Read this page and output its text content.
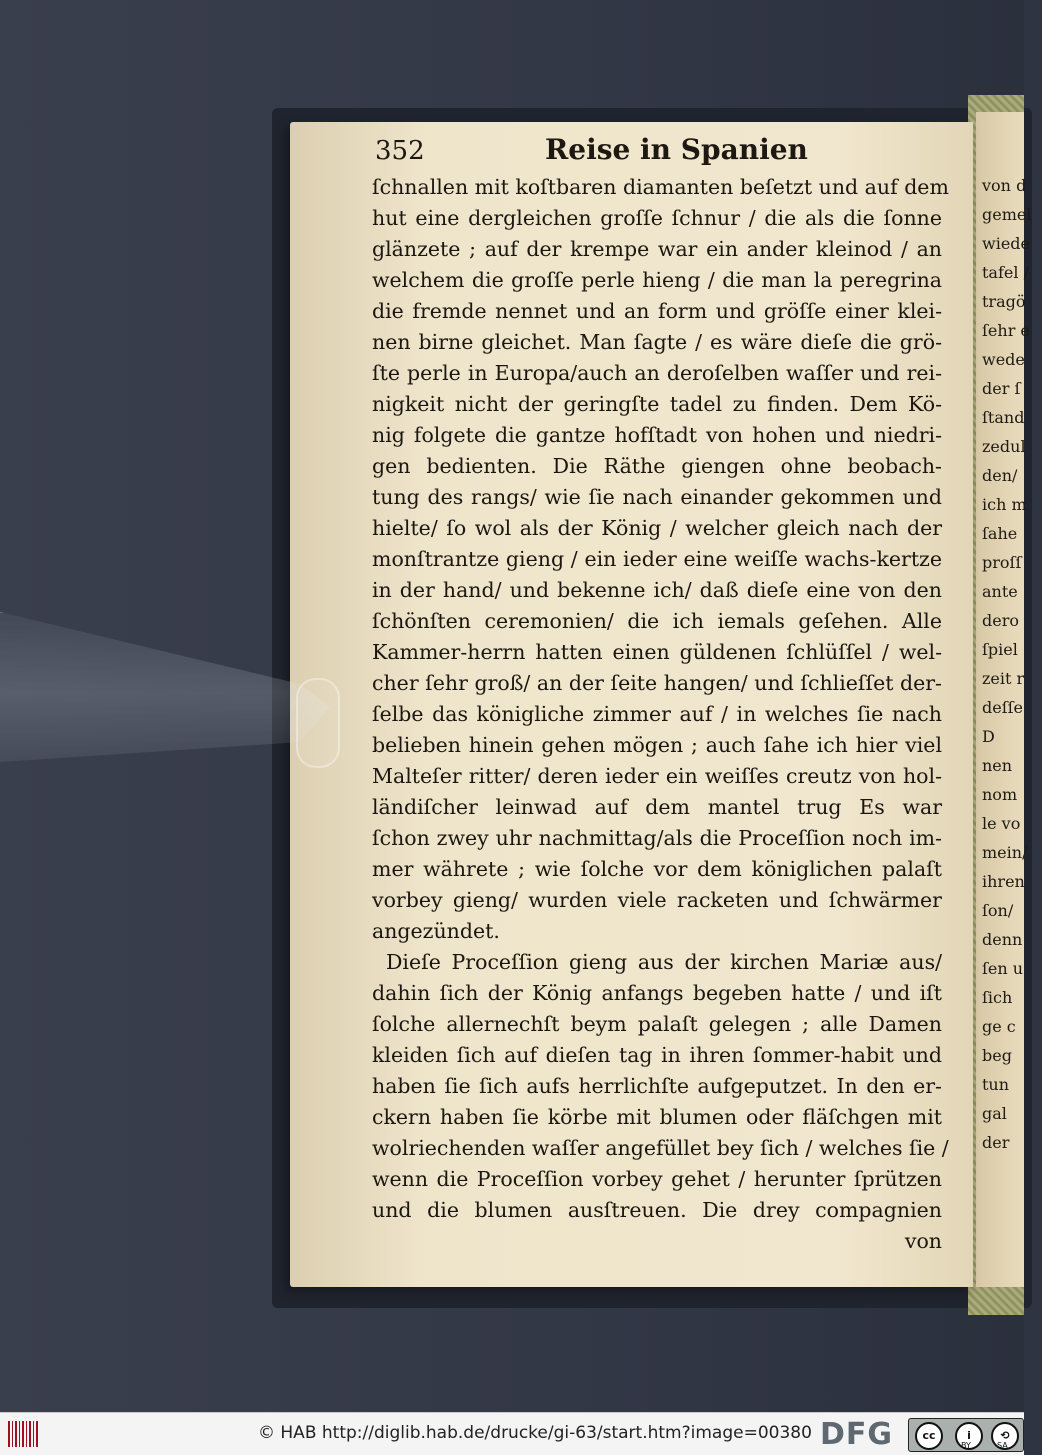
von d
gemel
wiede
tafel /
tragö
ſehr e
wede
der ſ
ſtand
zedul
den/
ich m
ſahe
proſſ
ante
dero
ſpiel
zeit r
deſſe
D
nen
nom
le vo
mein/
ihren
ſon/
denn
ſen u
ſich
ge c
beg
tun
gal
der
352	Reise in Spanien
ſchnallen mit koſtbaren diamanten beſetzt und auf dem
hut eine dergleichen groſſe ſchnur / die als die ſonne
glänzete ; auf der krempe war ein ander kleinod / an
welchem die groſſe perle hieng / die man la peregrina
die fremde nennet und an form und gröſſe einer klei-
nen birne gleichet. Man ſagte / es wäre dieſe die grö-
ſte perle in Europa/auch an deroſelben waſſer und rei-
nigkeit nicht der geringſte tadel zu finden. Dem Kö-
nig folgete die gantze hofſtadt von hohen und niedri-
gen bedienten. Die Räthe giengen ohne beobach-
tung des rangs/ wie ſie nach einander gekommen und
hielte/ ſo wol als der König / welcher gleich nach der
monſtrantze gieng / ein ieder eine weiſſe wachs-kertze
in der hand/ und bekenne ich/ daß dieſe eine von den
ſchönſten ceremonien/ die ich iemals geſehen. Alle
Kammer-herrn hatten einen güldenen ſchlüſſel / wel-
cher ſehr groß/ an der ſeite hangen/ und ſchlieſſet der-
ſelbe das königliche zimmer auf / in welches ſie nach
belieben hinein gehen mögen ; auch ſahe ich hier viel
Malteſer ritter/ deren ieder ein weiſſes creutz von hol-
ländiſcher leinwad auf dem mantel trug Es war
ſchon zwey uhr nachmittag/als die Proceſſion noch im-
mer währete ; wie ſolche vor dem königlichen palaſt
vorbey gieng/ wurden viele racketen und ſchwärmer
angezündet.
Dieſe Proceſſion gieng aus der kirchen Mariæ aus/
dahin ſich der König anfangs begeben hatte / und iſt
ſolche allernechſt beym palaſt gelegen ; alle Damen
kleiden ſich auf dieſen tag in ihren ſommer-habit und
haben ſie ſich aufs herrlichſte aufgeputzet. In den er-
ckern haben ſie körbe mit blumen oder fläſchgen mit
wolriechenden waſſer angefüllet bey ſich / welches ſie /
wenn die Proceſſion vorbey gehet / herunter ſprützen
und die blumen ausſtreuen. Die drey compagnien
von
© HAB http://diglib.hab.de/drucke/gi-63/start.htm?image=00380 DFG	cc	i	⟲
BY	SA
